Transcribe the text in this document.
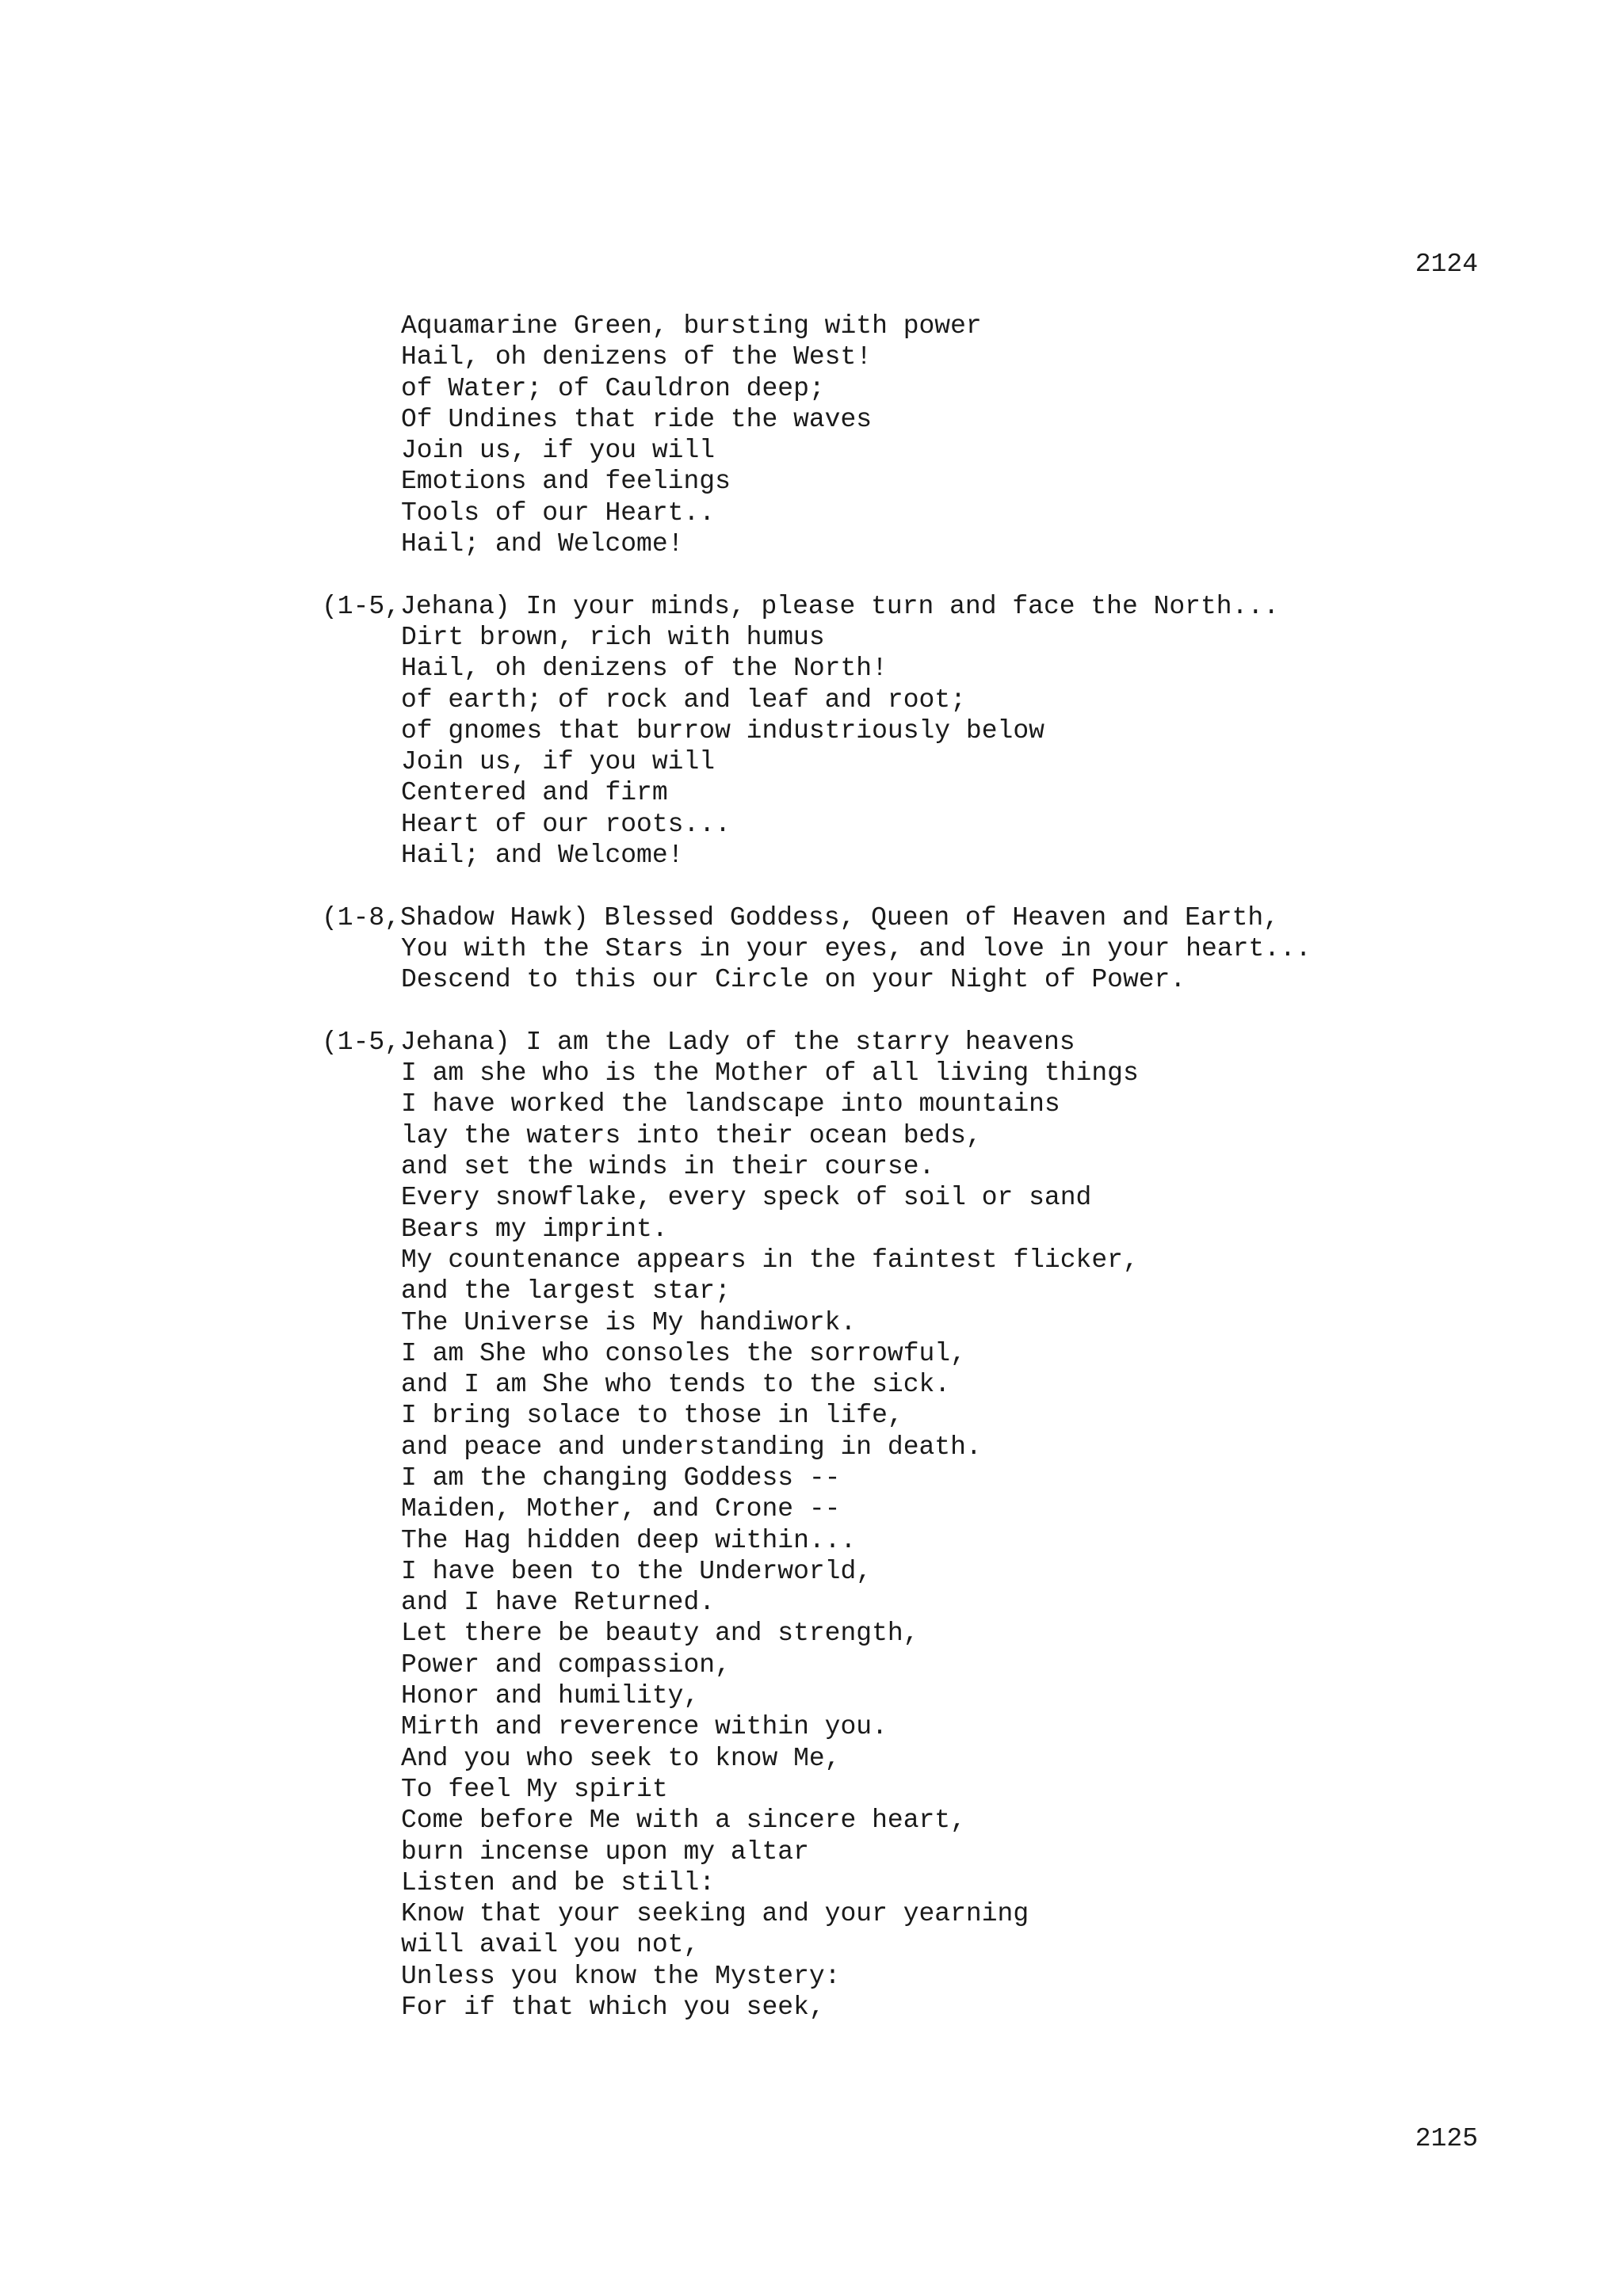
2124
Aquamarine Green, bursting with power
Hail, oh denizens of the West!
of Water; of Cauldron deep;
Of Undines that ride the waves
Join us, if you will
Emotions and feelings
Tools of our Heart..
Hail; and Welcome!
(1-5,Jehana) In your minds, please turn and face the North...
Dirt brown, rich with humus
Hail, oh denizens of the North!
of earth; of rock and leaf and root;
of gnomes that burrow industriously below
Join us, if you will
Centered and firm
Heart of our roots...
Hail; and Welcome!
(1-8,Shadow Hawk) Blessed Goddess, Queen of Heaven and Earth,
You with the Stars in your eyes, and love in your heart...
Descend to this our Circle on your Night of Power.
(1-5,Jehana) I am the Lady of the starry heavens
I am she who is the Mother of all living things
I have worked the landscape into mountains
lay the waters into their ocean beds,
and set the winds in their course.
Every snowflake, every speck of soil or sand
Bears my imprint.
My countenance appears in the faintest flicker,
and the largest star;
The Universe is My handiwork.
I am She who consoles the sorrowful,
and I am She who tends to the sick.
I bring solace to those in life,
and peace and understanding in death.
I am the changing Goddess --
Maiden, Mother, and Crone --
The Hag hidden deep within...
I have been to the Underworld,
and I have Returned.
Let there be beauty and strength,
Power and compassion,
Honor and humility,
Mirth and reverence within you.
And you who seek to know Me,
To feel My spirit
Come before Me with a sincere heart,
burn incense upon my altar
Listen and be still:
Know that your seeking and your yearning
will avail you not,
Unless you know the Mystery:
For if that which you seek,
2125
